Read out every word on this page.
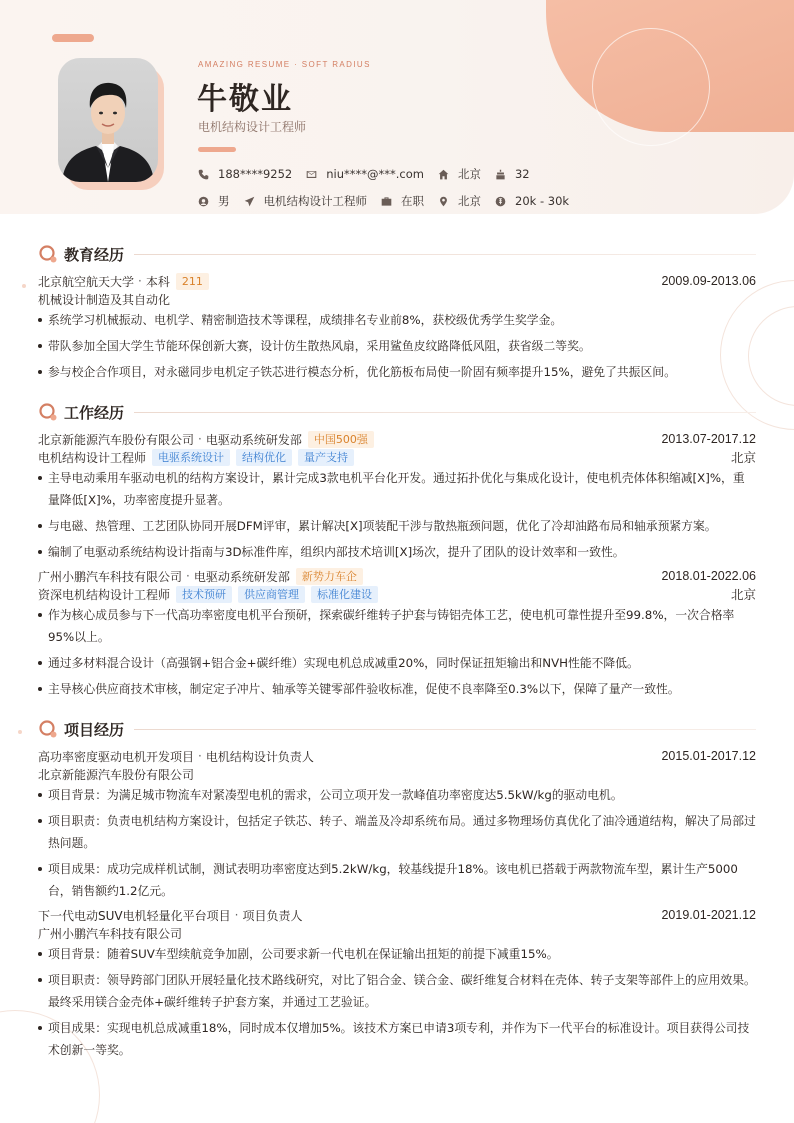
AMAZING RESUME · SOFT RADIUS
牛敬业
电机结构设计工程师
188****9252	niu****@***.com	北京	32
男	电机结构设计工程师	在职	北京	20k - 30k
教育经历
北京航空航天大学 · 本科	211	2009.09-2013.06
机械设计制造及其自动化
系统学习机械振动、电机学、精密制造技术等课程，成绩排名专业前8%，获校级优秀学生奖学金。
带队参加全国大学生节能环保创新大赛，设计仿生散热风扇，采用鲨鱼皮纹路降低风阻，获省级二等奖。
参与校企合作项目，对永磁同步电机定子铁芯进行模态分析，优化筋板布局使一阶固有频率提升15%，避免了共振区间。
工作经历
北京新能源汽车股份有限公司 · 电驱动系统研发部	中国500强	2013.07-2017.12
电机结构设计工程师	电驱系统设计	结构优化	量产支持	北京
主导电动乘用车驱动电机的结构方案设计，累计完成3款电机平台化开发。通过拓扑优化与集成化设计，使电机壳体体积缩减[X]%，重量降低[X]%，功率密度提升显著。
与电磁、热管理、工艺团队协同开展DFM评审，累计解决[X]项装配干涉与散热瓶颈问题，优化了冷却油路布局和轴承预紧方案。
编制了电驱动系统结构设计指南与3D标准件库，组织内部技术培训[X]场次，提升了团队的设计效率和一致性。
广州小鹏汽车科技有限公司 · 电驱动系统研发部	新势力车企	2018.01-2022.06
资深电机结构设计工程师	技术预研	供应商管理	标准化建设	北京
作为核心成员参与下一代高功率密度电机平台预研，探索碳纤维转子护套与铸铝壳体工艺，使电机可靠性提升至99.8%，一次合格率95%以上。
通过多材料混合设计（高强钢+铝合金+碳纤维）实现电机总成减重20%，同时保证扭矩输出和NVH性能不降低。
主导核心供应商技术审核，制定定子冲片、轴承等关键零部件验收标准，促使不良率降至0.3%以下，保障了量产一致性。
项目经历
高功率密度驱动电机开发项目 · 电机结构设计负责人	2015.01-2017.12
北京新能源汽车股份有限公司
项目背景：为满足城市物流车对紧凑型电机的需求，公司立项开发一款峰值功率密度达5.5kW/kg的驱动电机。
项目职责：负责电机结构方案设计，包括定子铁芯、转子、端盖及冷却系统布局。通过多物理场仿真优化了油冷通道结构，解决了局部过热问题。
项目成果：成功完成样机试制，测试表明功率密度达到5.2kW/kg，较基线提升18%。该电机已搭载于两款物流车型，累计生产5000台，销售额约1.2亿元。
下一代电动SUV电机轻量化平台项目 · 项目负责人	2019.01-2021.12
广州小鹏汽车科技有限公司
项目背景：随着SUV车型续航竞争加剧，公司要求新一代电机在保证输出扭矩的前提下减重15%。
项目职责：领导跨部门团队开展轻量化技术路线研究，对比了铝合金、镁合金、碳纤维复合材料在壳体、转子支架等部件上的应用效果。最终采用镁合金壳体+碳纤维转子护套方案，并通过工艺验证。
项目成果：实现电机总成减重18%，同时成本仅增加5%。该技术方案已申请3项专利，并作为下一代平台的标准设计。项目获得公司技术创新一等奖。
